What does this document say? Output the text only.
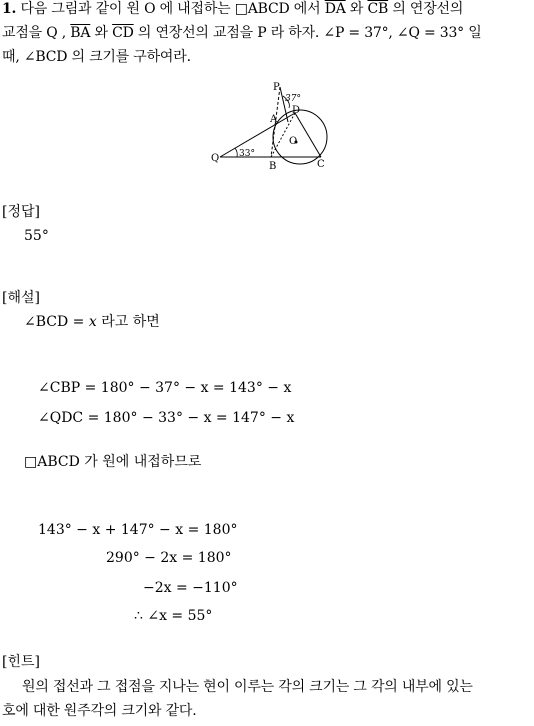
1. 다음 그림과 같이 원 O 에 내접하는 □ABCD 에서 $\overline{DA}$ 와 $\overline{CB}$ 의 연장선의
교점을 Q , $\overline{BA}$ 와 $\overline{CD}$ 의 연장선의 교점을 P 라 하자. ∠P = 37°, ∠Q = 33° 일
때, ∠BCD 의 크기를 구하여라.
P
37°
D
A
O
Q 33°
B	C
[정답]
55°
[해설]
∠BCD = x 라고 하면
∠CBP = 180° − 37° − x = 143° − x
∠QDC = 180° − 33° − x = 147° − x
□ABCD 가 원에 내접하므로
143° − x + 147° − x = 180°
290° − 2x = 180°
−2x = −110°
∴ ∠x = 55°
[힌트]
원의 접선과 그 접점을 지나는 현이 이루는 각의 크기는 그 각의 내부에 있는
호에 대한 원주각의 크기와 같다.
